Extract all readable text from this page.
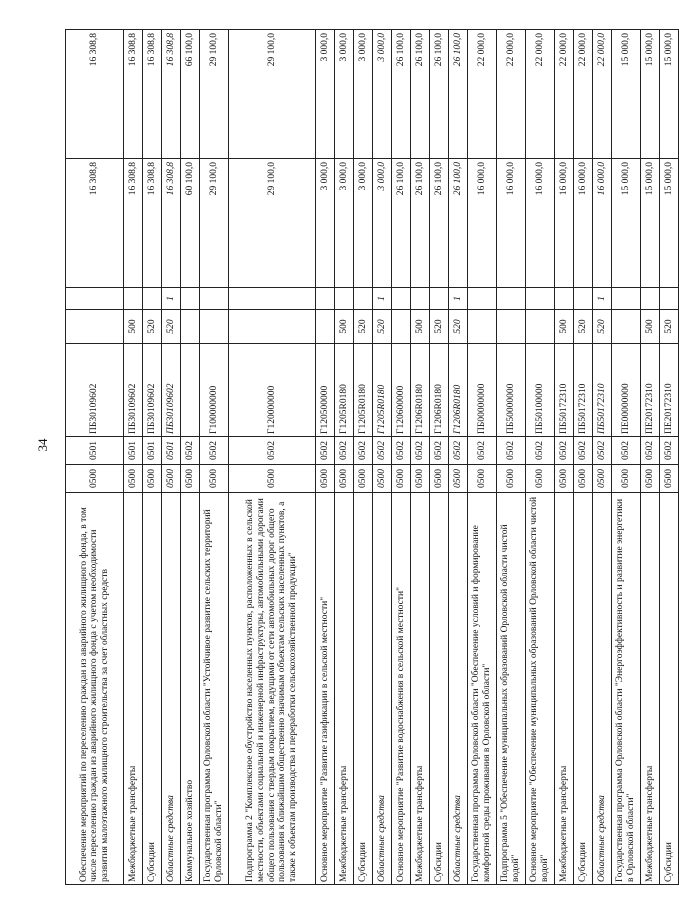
34
Обеспечение мероприятий по переселению граждан из аварийного жилищного фонда, в том числе переселению граждан из аварийного жилищного фонда с учетом необходимости развития малоэтажного жилищного строительства за счет областных средств	0500	0501	ПБ30109602			16 308,8	16 308,8
Межбюджетные трансферты	0500	0501	ПБ30109602	500		16 308,8	16 308,8
Субсидии	0500	0501	ПБ30109602	520		16 308,8	16 308,8
Областные средства	0500	0501	ПБ30109602	520	1	16 308,8	16 308,8
Коммунальное хозяйство	0500	0502				60 100,0	66 100,0
Государственная программа Орловской области "Устойчивое развитие сельских территорий Орловской области"	0500	0502	Г100000000			29 100,0	29 100,0
Подпрограмма 2 "Комплексное обустройство населенных пунктов, расположенных в сельской местности, объектами социальной и инженерной инфраструктуры, автомобильными дорогами общего пользования с твердым покрытием, ведущими от сети автомобильных дорог общего пользования к ближайшим общественно значимым объектам сельских населенных пунктов, а также к объектам производства и переработки сельскохозяйственной продукции"	0500	0502	Г120000000			29 100,0	29 100,0
Основное мероприятие "Развитие газификации в сельской местности"	0500	0502	Г120500000			3 000,0	3 000,0
Межбюджетные трансферты	0500	0502	Г1205R0180	500		3 000,0	3 000,0
Субсидии	0500	0502	Г1205R0180	520		3 000,0	3 000,0
Областные средства	0500	0502	Г1205R0180	520	1	3 000,0	3 000,0
Основное мероприятие "Развитие водоснабжения в сельской местности"	0500	0502	Г120600000			26 100,0	26 100,0
Межбюджетные трансферты	0500	0502	Г1206R0180	500		26 100,0	26 100,0
Субсидии	0500	0502	Г1206R0180	520		26 100,0	26 100,0
Областные средства	0500	0502	Г1206R0180	520	1	26 100,0	26 100,0
Государственная программа Орловской области "Обеспечение условий и формирование комфортной среды проживания в Орловской области"	0500	0502	ПБ00000000			16 000,0	22 000,0
Подпрограмма 5 "Обеспечение муниципальных образований Орловской области чистой водой"	0500	0502	ПБ50000000			16 000,0	22 000,0
Основное мероприятие "Обеспечение муниципальных образований Орловской области чистой водой"	0500	0502	ПБ50100000			16 000,0	22 000,0
Межбюджетные трансферты	0500	0502	ПБ50172310	500		16 000,0	22 000,0
Субсидии	0500	0502	ПБ50172310	520		16 000,0	22 000,0
Областные средства	0500	0502	ПБ50172310	520	1	16 000,0	22 000,0
Государственная программа Орловской области "Энергоэффективность и развитие энергетики в Орловской области"	0500	0502	ПЕ00000000			15 000,0	15 000,0
Межбюджетные трансферты	0500	0502	ПЕ20172310	500		15 000,0	15 000,0
Субсидии	0500	0502	ПЕ20172310	520		15 000,0	15 000,0
